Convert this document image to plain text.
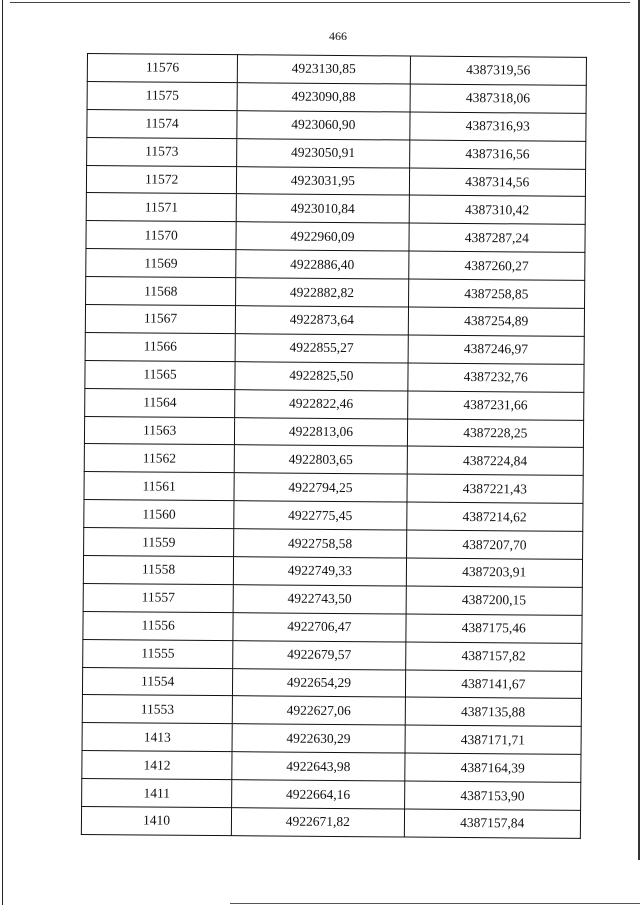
466
11576	4923130,85	4387319,56
11575	4923090,88	4387318,06
11574	4923060,90	4387316,93
11573	4923050,91	4387316,56
11572	4923031,95	4387314,56
11571	4923010,84	4387310,42
11570	4922960,09	4387287,24
11569	4922886,40	4387260,27
11568	4922882,82	4387258,85
11567	4922873,64	4387254,89
11566	4922855,27	4387246,97
11565	4922825,50	4387232,76
11564	4922822,46	4387231,66
11563	4922813,06	4387228,25
11562	4922803,65	4387224,84
11561	4922794,25	4387221,43
11560	4922775,45	4387214,62
11559	4922758,58	4387207,70
11558	4922749,33	4387203,91
11557	4922743,50	4387200,15
11556	4922706,47	4387175,46
11555	4922679,57	4387157,82
11554	4922654,29	4387141,67
11553	4922627,06	4387135,88
1413	4922630,29	4387171,71
1412	4922643,98	4387164,39
1411	4922664,16	4387153,90
1410	4922671,82	4387157,84
